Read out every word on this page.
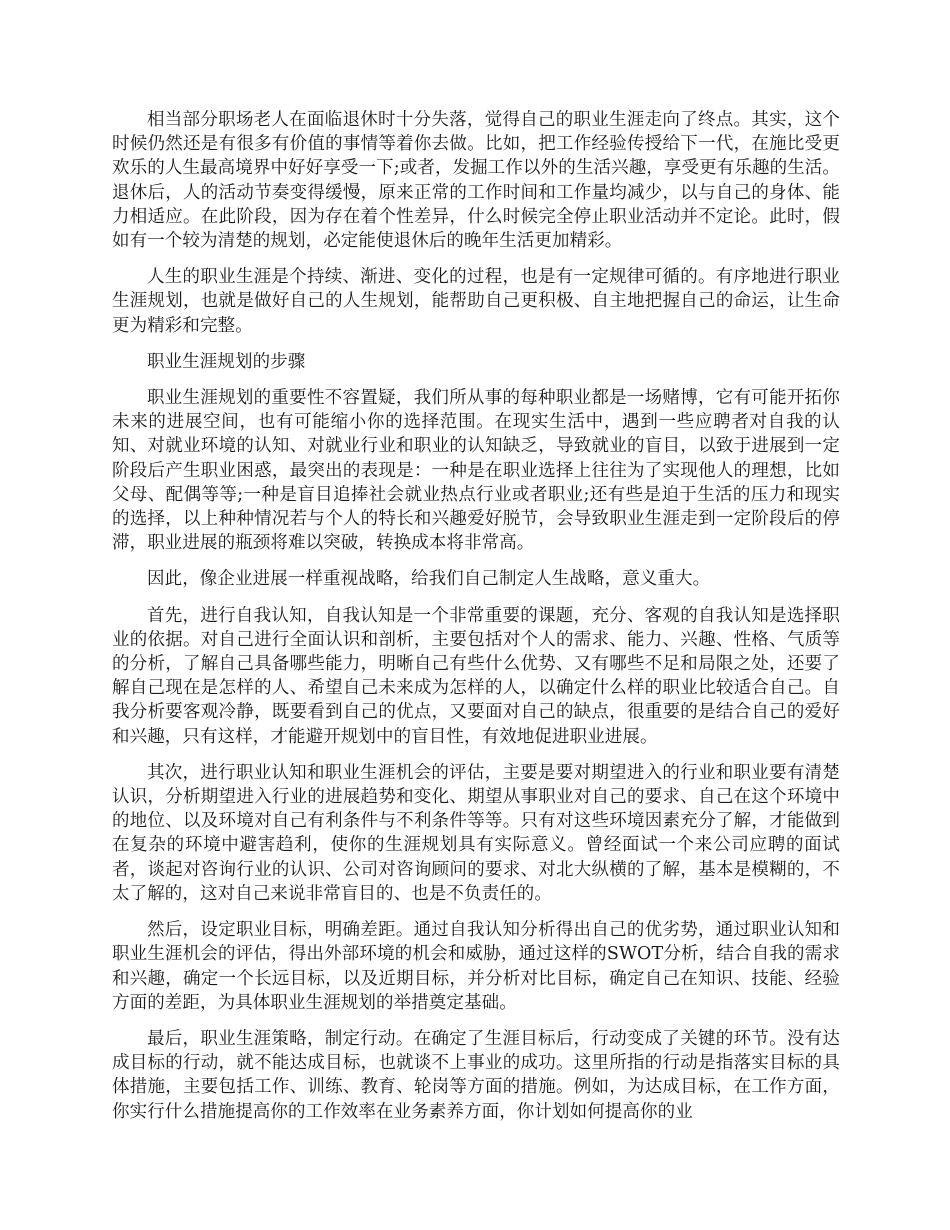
相当部分职场老人在面临退休时十分失落，觉得自己的职业生涯走向了终点。其实，这个时候仍然还是有很多有价值的事情等着你去做。比如，把工作经验传授给下一代，在施比受更欢乐的人生最高境界中好好享受一下;或者，发掘工作以外的生活兴趣，享受更有乐趣的生活。退休后，人的活动节奏变得缓慢，原来正常的工作时间和工作量均减少，以与自己的身体、能力相适应。在此阶段，因为存在着个性差异，什么时候完全停止职业活动并不定论。此时，假如有一个较为清楚的规划，必定能使退休后的晚年生活更加精彩。

人生的职业生涯是个持续、渐进、变化的过程，也是有一定规律可循的。有序地进行职业生涯规划，也就是做好自己的人生规划，能帮助自己更积极、自主地把握自己的命运，让生命更为精彩和完整。

职业生涯规划的步骤

职业生涯规划的重要性不容置疑，我们所从事的每种职业都是一场赌博，它有可能开拓你未来的进展空间，也有可能缩小你的选择范围。在现实生活中，遇到一些应聘者对自我的认知、对就业环境的认知、对就业行业和职业的认知缺乏，导致就业的盲目，以致于进展到一定阶段后产生职业困惑，最突出的表现是：一种是在职业选择上往往为了实现他人的理想，比如父母、配偶等等;一种是盲目追捧社会就业热点行业或者职业;还有些是迫于生活的压力和现实的选择，以上种种情况若与个人的特长和兴趣爱好脱节，会导致职业生涯走到一定阶段后的停滞，职业进展的瓶颈将难以突破，转换成本将非常高。

因此，像企业进展一样重视战略，给我们自己制定人生战略，意义重大。

首先，进行自我认知，自我认知是一个非常重要的课题，充分、客观的自我认知是选择职业的依据。对自己进行全面认识和剖析，主要包括对个人的需求、能力、兴趣、性格、气质等的分析，了解自己具备哪些能力，明晰自己有些什么优势、又有哪些不足和局限之处，还要了解自己现在是怎样的人、希望自己未来成为怎样的人，以确定什么样的职业比较适合自己。自我分析要客观冷静，既要看到自己的优点，又要面对自己的缺点，很重要的是结合自己的爱好和兴趣，只有这样，才能避开规划中的盲目性，有效地促进职业进展。

其次，进行职业认知和职业生涯机会的评估，主要是要对期望进入的行业和职业要有清楚认识，分析期望进入行业的进展趋势和变化、期望从事职业对自己的要求、自己在这个环境中的地位、以及环境对自己有利条件与不利条件等等。只有对这些环境因素充分了解，才能做到在复杂的环境中避害趋利，使你的生涯规划具有实际意义。曾经面试一个来公司应聘的面试者，谈起对咨询行业的认识、公司对咨询顾问的要求、对北大纵横的了解，基本是模糊的，不太了解的，这对自己来说非常盲目的、也是不负责任的。

然后，设定职业目标，明确差距。通过自我认知分析得出自己的优劣势，通过职业认知和职业生涯机会的评估，得出外部环境的机会和威胁，通过这样的SWOT分析，结合自我的需求和兴趣，确定一个长远目标，以及近期目标，并分析对比目标，确定自己在知识、技能、经验方面的差距，为具体职业生涯规划的举措奠定基础。

最后，职业生涯策略，制定行动。在确定了生涯目标后，行动变成了关键的环节。没有达成目标的行动，就不能达成目标，也就谈不上事业的成功。这里所指的行动是指落实目标的具体措施，主要包括工作、训练、教育、轮岗等方面的措施。例如，为达成目标，在工作方面，你实行什么措施提高你的工作效率在业务素养方面，你计划如何提高你的业
